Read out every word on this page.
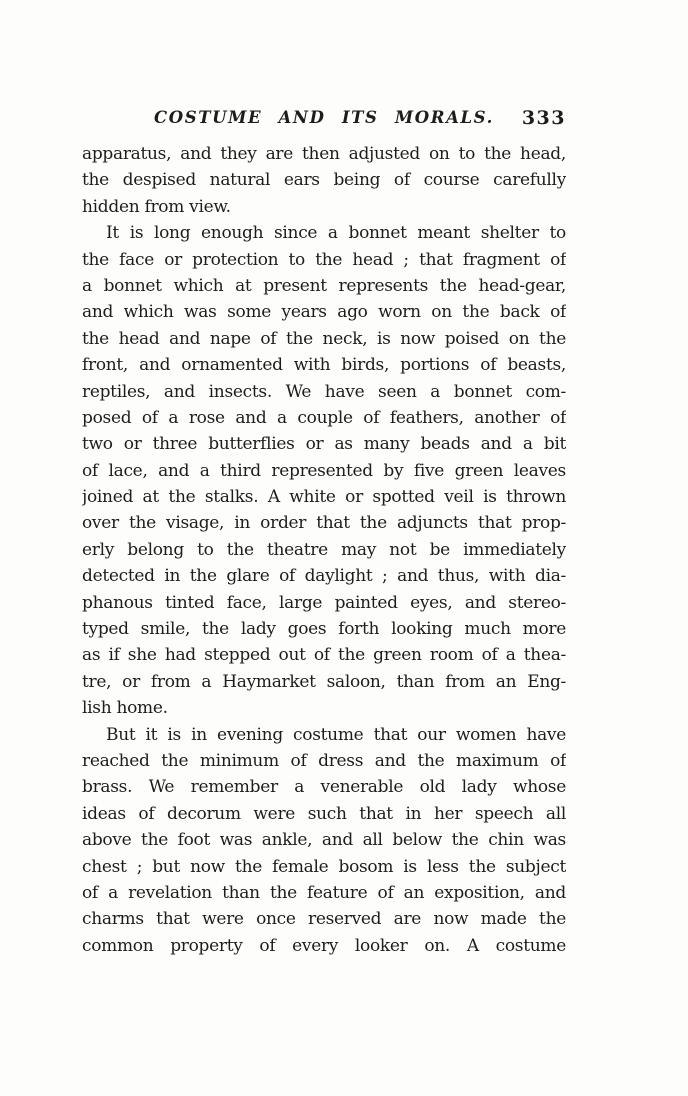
COSTUME AND ITS MORALS.	333
apparatus, and they are then adjusted on to the head,
the despised natural ears being of course carefully
hidden from view.
It is long enough since a bonnet meant shelter to
the face or protection to the head ; that fragment of
a bonnet which at present represents the head-gear,
and which was some years ago worn on the back of
the head and nape of the neck, is now poised on the
front, and ornamented with birds, portions of beasts,
reptiles, and insects. We have seen a bonnet com-
posed of a rose and a couple of feathers, another of
two or three butterflies or as many beads and a bit
of lace, and a third represented by five green leaves
joined at the stalks. A white or spotted veil is thrown
over the visage, in order that the adjuncts that prop-
erly belong to the theatre may not be immediately
detected in the glare of daylight ; and thus, with dia-
phanous tinted face, large painted eyes, and stereo-
typed smile, the lady goes forth looking much more
as if she had stepped out of the green room of a thea-
tre, or from a Haymarket saloon, than from an Eng-
lish home.
But it is in evening costume that our women have
reached the minimum of dress and the maximum of
brass. We remember a venerable old lady whose
ideas of decorum were such that in her speech all
above the foot was ankle, and all below the chin was
chest ; but now the female bosom is less the subject
of a revelation than the feature of an exposition, and
charms that were once reserved are now made the
common property of every looker on. A costume
